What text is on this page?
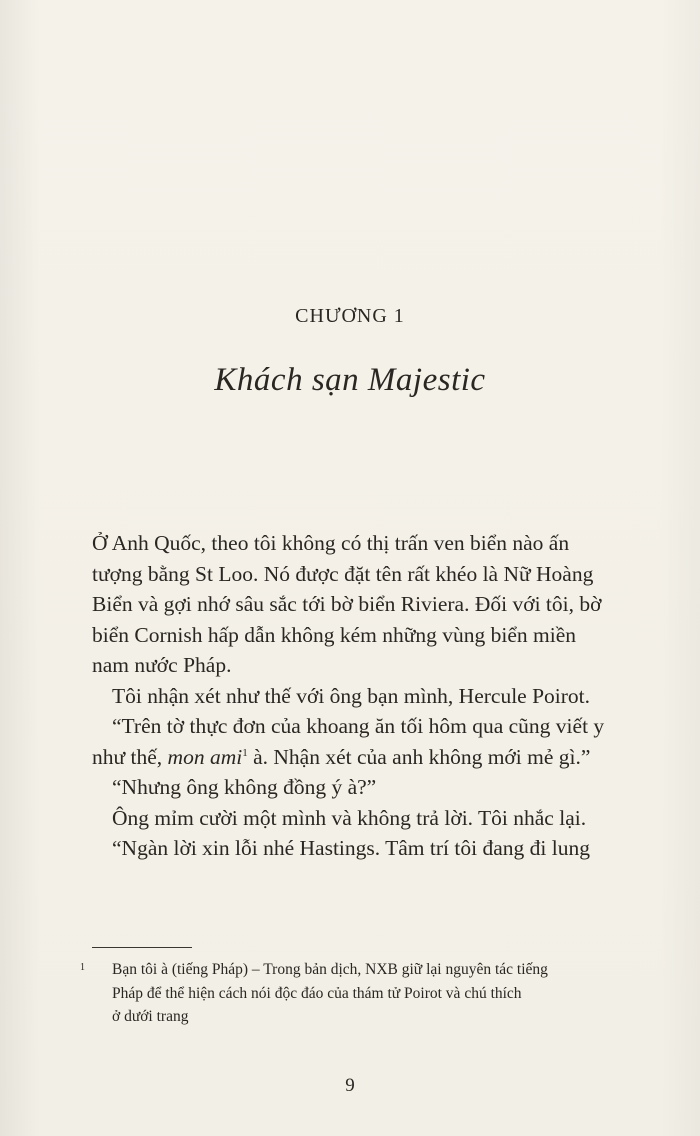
CHƯƠNG 1
Khách sạn Majestic
Ở Anh Quốc, theo tôi không có thị trấn ven biển nào ấn
tượng bằng St Loo. Nó được đặt tên rất khéo là Nữ Hoàng
Biển và gợi nhớ sâu sắc tới bờ biển Riviera. Đối với tôi, bờ
biển Cornish hấp dẫn không kém những vùng biển miền
nam nước Pháp.
Tôi nhận xét như thế với ông bạn mình, Hercule Poirot.
“Trên tờ thực đơn của khoang ăn tối hôm qua cũng viết y
như thế, mon ami$^1$ à. Nhận xét của anh không mới mẻ gì.”
“Nhưng ông không đồng ý à?”
Ông mỉm cười một mình và không trả lời. Tôi nhắc lại.
“Ngàn lời xin lỗi nhé Hastings. Tâm trí tôi đang đi lung
1	Bạn tôi à (tiếng Pháp) – Trong bản dịch, NXB giữ lại nguyên tác tiếng
Pháp để thể hiện cách nói độc đáo của thám tử Poirot và chú thích
ở dưới trang
9
